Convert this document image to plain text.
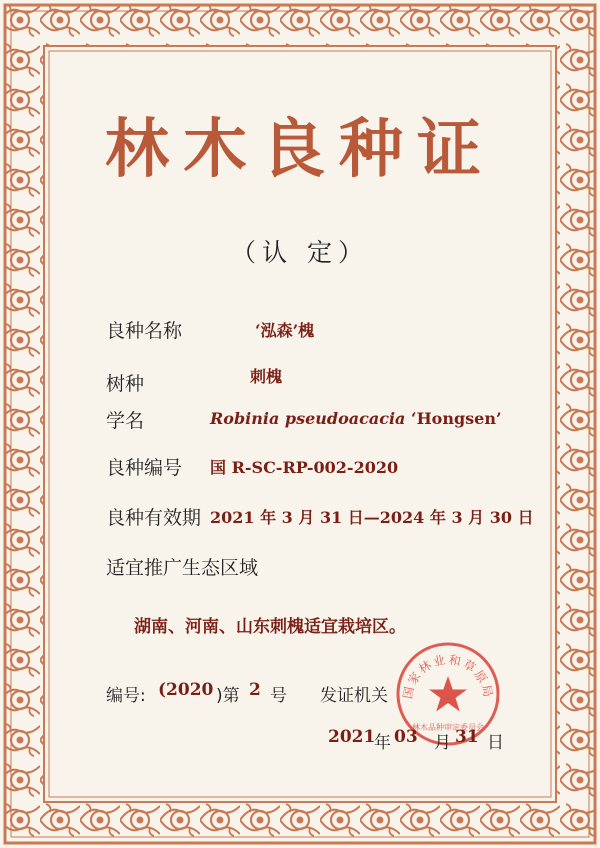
林木良种证
（认 定）
良种名称	‘泓森’槐
树种	刺槐
学名	Robinia pseudoacacia ‘Hongsen’
良种编号 国 R-SC-RP-002-2020
良种有效期 2021 年 3 月 31 日—2024 年 3 月 30 日
适宜推广生态区域
湖南、河南、山东刺槐适宜栽培区。
编号: (2020 )第 2 号 发证机关 国家林业和草原局
林木品种审定委员会
2021
年 03 月 31 日
